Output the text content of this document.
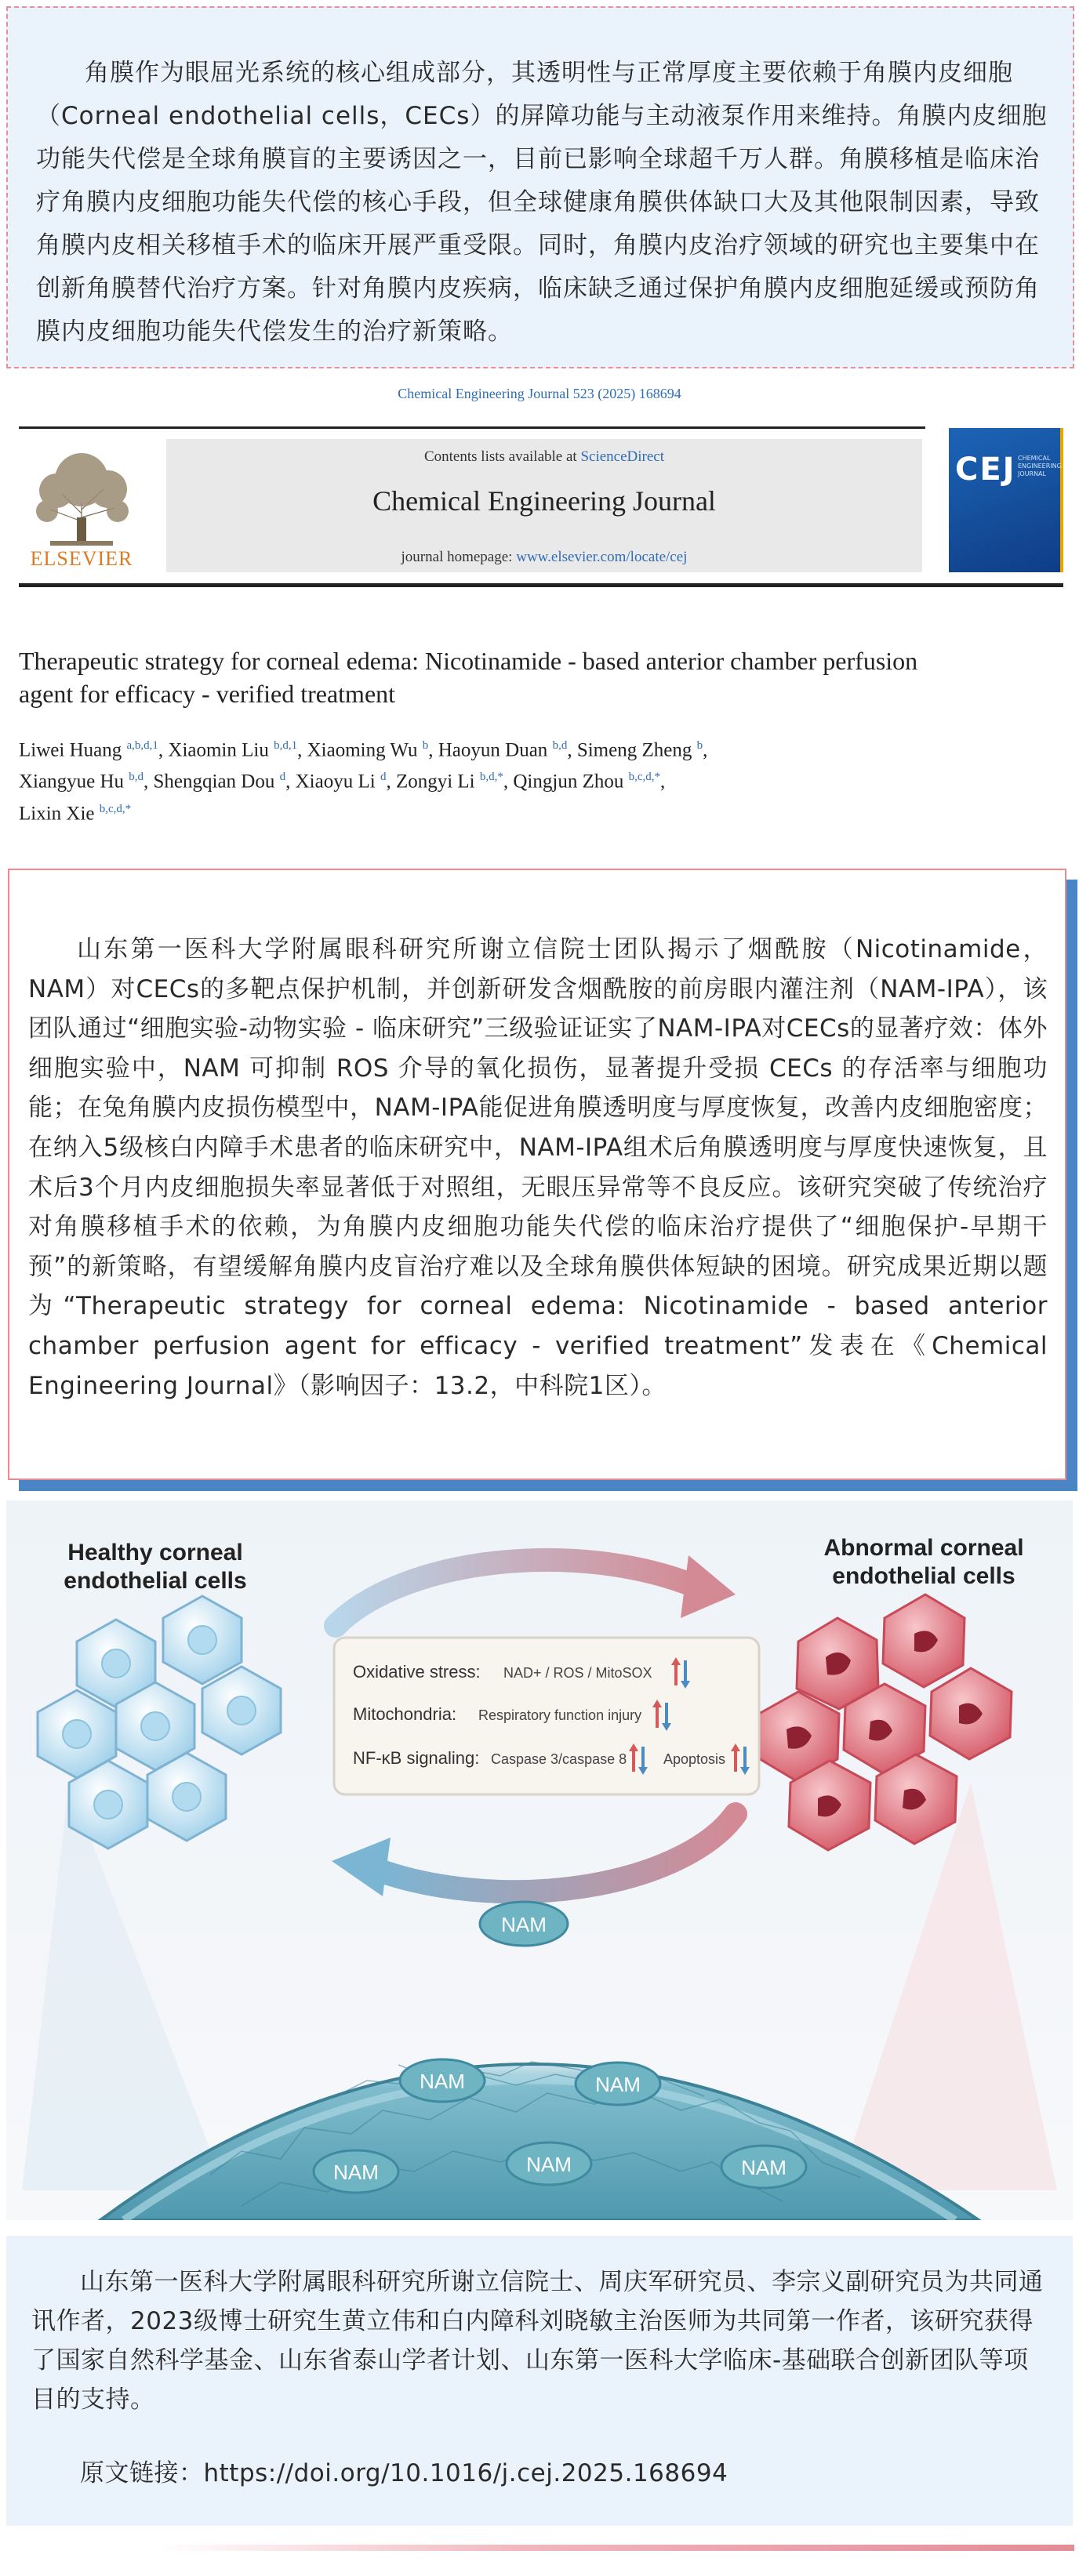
角膜作为眼屈光系统的核心组成部分，其透明性与正常厚度主要依赖于角膜内皮细胞（Corneal endothelial cells，CECs）的屏障功能与主动液泵作用来维持。角膜内皮细胞功能失代偿是全球角膜盲的主要诱因之一，目前已影响全球超千万人群。角膜移植是临床治疗角膜内皮细胞功能失代偿的核心手段，但全球健康角膜供体缺口大及其他限制因素，导致角膜内皮相关移植手术的临床开展严重受限。同时，角膜内皮治疗领域的研究也主要集中在创新角膜替代治疗方案。针对角膜内皮疾病，临床缺乏通过保护角膜内皮细胞延缓或预防角膜内皮细胞功能失代偿发生的治疗新策略。

Chemical Engineering Journal 523 (2025) 168694
ELSEVIER
Contents lists available at ScienceDirect
Chemical Engineering Journal
journal homepage: www.elsevier.com/locate/cej
CEJ CHEMICAL ENGINEERING JOURNAL
Therapeutic strategy for corneal edema: Nicotinamide - based anterior chamber perfusion agent for efficacy - verified treatment
Liwei Huang $^{a,b,d,1}$, Xiaomin Liu $^{b,d,1}$, Xiaoming Wu $^b$, Haoyun Duan $^{b,d}$, Simeng Zheng $^b$,
Xiangyue Hu $^{b,d}$, Shengqian Dou $^d$, Xiaoyu Li $^d$, Zongyi Li $^{b,d,*}$, Qingjun Zhou $^{b,c,d,*}$,
Lixin Xie $^{b,c,d,*}$

山东第一医科大学附属眼科研究所谢立信院士团队揭示了烟酰胺（Nicotinamide，NAM）对CECs的多靶点保护机制，并创新研发含烟酰胺的前房眼内灌注剂（NAM-IPA），该团队通过“细胞实验-动物实验 - 临床研究”三级验证证实了NAM-IPA对CECs的显著疗效：体外细胞实验中，NAM 可抑制 ROS 介导的氧化损伤，显著提升受损 CECs 的存活率与细胞功能；在兔角膜内皮损伤模型中，NAM-IPA能促进角膜透明度与厚度恢复，改善内皮细胞密度；在纳入5级核白内障手术患者的临床研究中，NAM-IPA组术后角膜透明度与厚度快速恢复，且术后3个月内皮细胞损失率显著低于对照组，无眼压异常等不良反应。该研究突破了传统治疗对角膜移植手术的依赖，为角膜内皮细胞功能失代偿的临床治疗提供了“细胞保护-早期干预”的新策略，有望缓解角膜内皮盲治疗难以及全球角膜供体短缺的困境。研究成果近期以题为“Therapeutic strategy for corneal edema: Nicotinamide - based anterior chamber perfusion agent for efficacy - verified treatment”发表在《Chemical Engineering Journal》（影响因子：13.2，中科院1区）。

Healthy corneal
endothelial cells
Abnormal corneal
endothelial cells
Oxidative stress: NAD+ / ROS / MitoSOX
Mitochondria: Respiratory function injury
NF-κB signaling: Caspase 3/caspase 8	Apoptosis
NAM
NAM	NAM
NAM	NAM	NAM

山东第一医科大学附属眼科研究所谢立信院士、周庆军研究员、李宗义副研究员为共同通讯作者，2023级博士研究生黄立伟和白内障科刘晓敏主治医师为共同第一作者，该研究获得了国家自然科学基金、山东省泰山学者计划、山东第一医科大学临床-基础联合创新团队等项目的支持。

原文链接：https://doi.org/10.1016/j.cej.2025.168694
